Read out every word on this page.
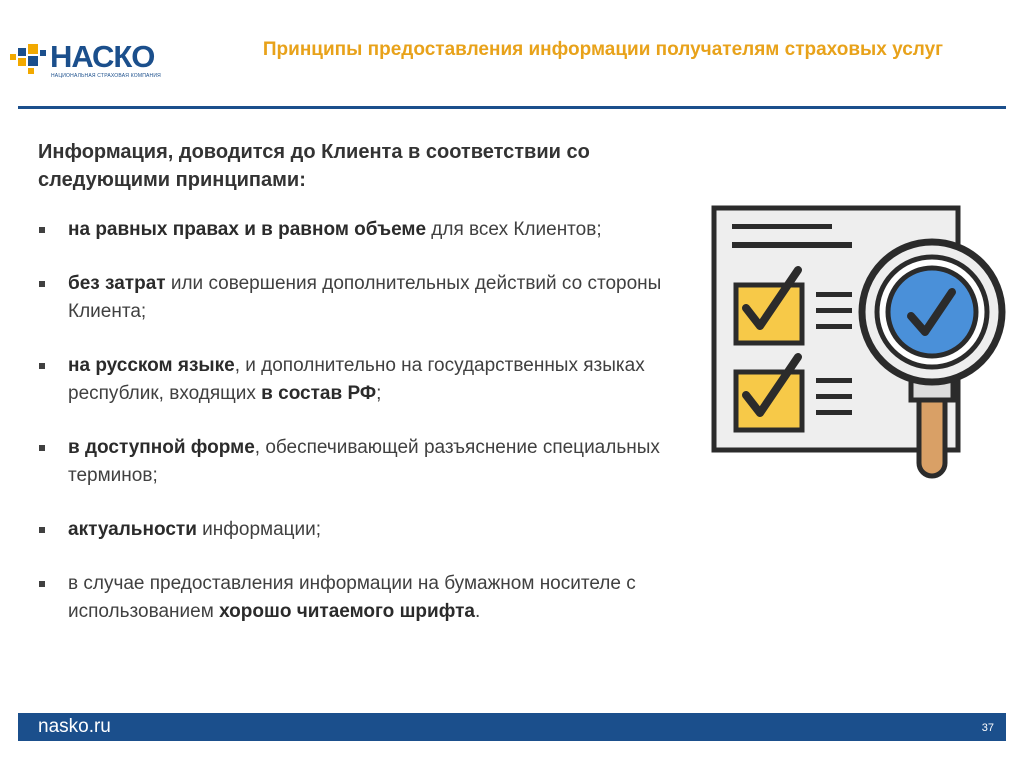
НАСКО
НАЦИОНАЛЬНАЯ СТРАХОВАЯ КОМПАНИЯ
Принципы предоставления информации получателям страховых услуг
Информация, доводится до Клиента в соответствии со следующими принципами:
на равных правах и в равном объеме для всех Клиентов;
без затрат или совершения дополнительных действий со стороны Клиента;
на русском языке, и дополнительно на государственных языках республик, входящих в состав РФ;
в доступной форме, обеспечивающей разъяснение специальных терминов;
актуальности информации;
в случае предоставления информации на бумажном носителе с использованием хорошо читаемого шрифта.
nasko.ru	37
